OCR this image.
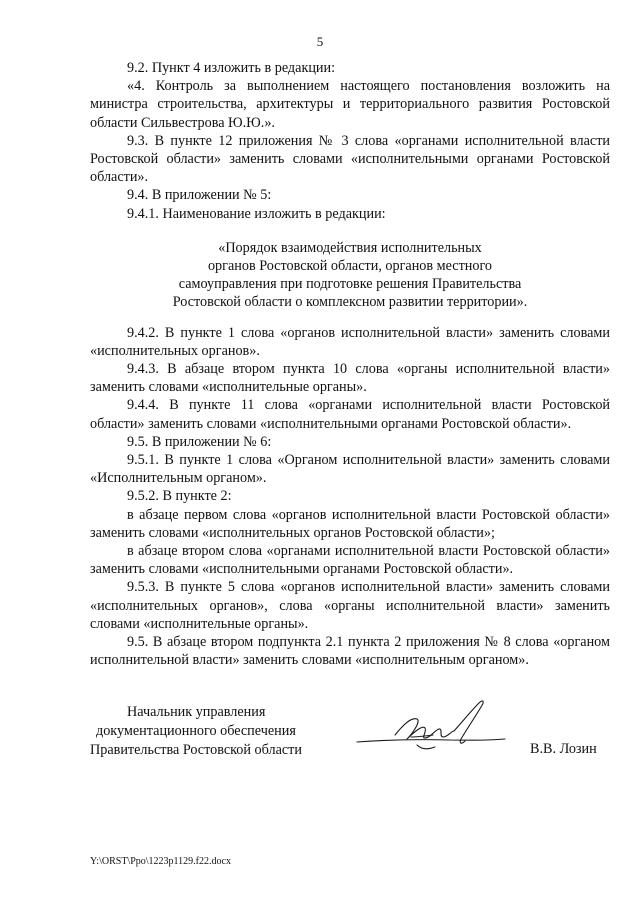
5

9.2. Пункт 4 изложить в редакции:

«4. Контроль за выполнением настоящего постановления возложить на министра строительства, архитектуры и территориального развития Ростовской области Сильвестрова Ю.Ю.».

9.3. В пункте 12 приложения № 3 слова «органами исполнительной власти Ростовской области» заменить словами «исполнительными органами Ростовской области».

9.4. В приложении № 5:

9.4.1. Наименование изложить в редакции:

«Порядок взаимодействия исполнительных
органов Ростовской области, органов местного
самоуправления при подготовке решения Правительства
Ростовской области о комплексном развитии территории».

9.4.2. В пункте 1 слова «органов исполнительной власти» заменить словами «исполнительных органов».

9.4.3. В абзаце втором пункта 10 слова «органы исполнительной власти» заменить словами «исполнительные органы».

9.4.4. В пункте 11 слова «органами исполнительной власти Ростовской области» заменить словами «исполнительными органами Ростовской области».

9.5. В приложении № 6:

9.5.1. В пункте 1 слова «Органом исполнительной власти» заменить словами «Исполнительным органом».

9.5.2. В пункте 2:

в абзаце первом слова «органов исполнительной власти Ростовской области» заменить словами «исполнительных органов Ростовской области»;

в абзаце втором слова «органами исполнительной власти Ростовской области» заменить словами «исполнительными органами Ростовской области».

9.5.3. В пункте 5 слова «органов исполнительной власти» заменить словами «исполнительных органов», слова «органы исполнительной власти» заменить словами «исполнительные органы».

9.5. В абзаце втором подпункта 2.1 пункта 2 приложения № 8 слова «органом исполнительной власти» заменить словами «исполнительным органом».

Начальник управления
документационного обеспечения
Правительства Ростовской области	В.В. Лозин
Y:\ORST\Ppo\1223p1129.f22.docx
